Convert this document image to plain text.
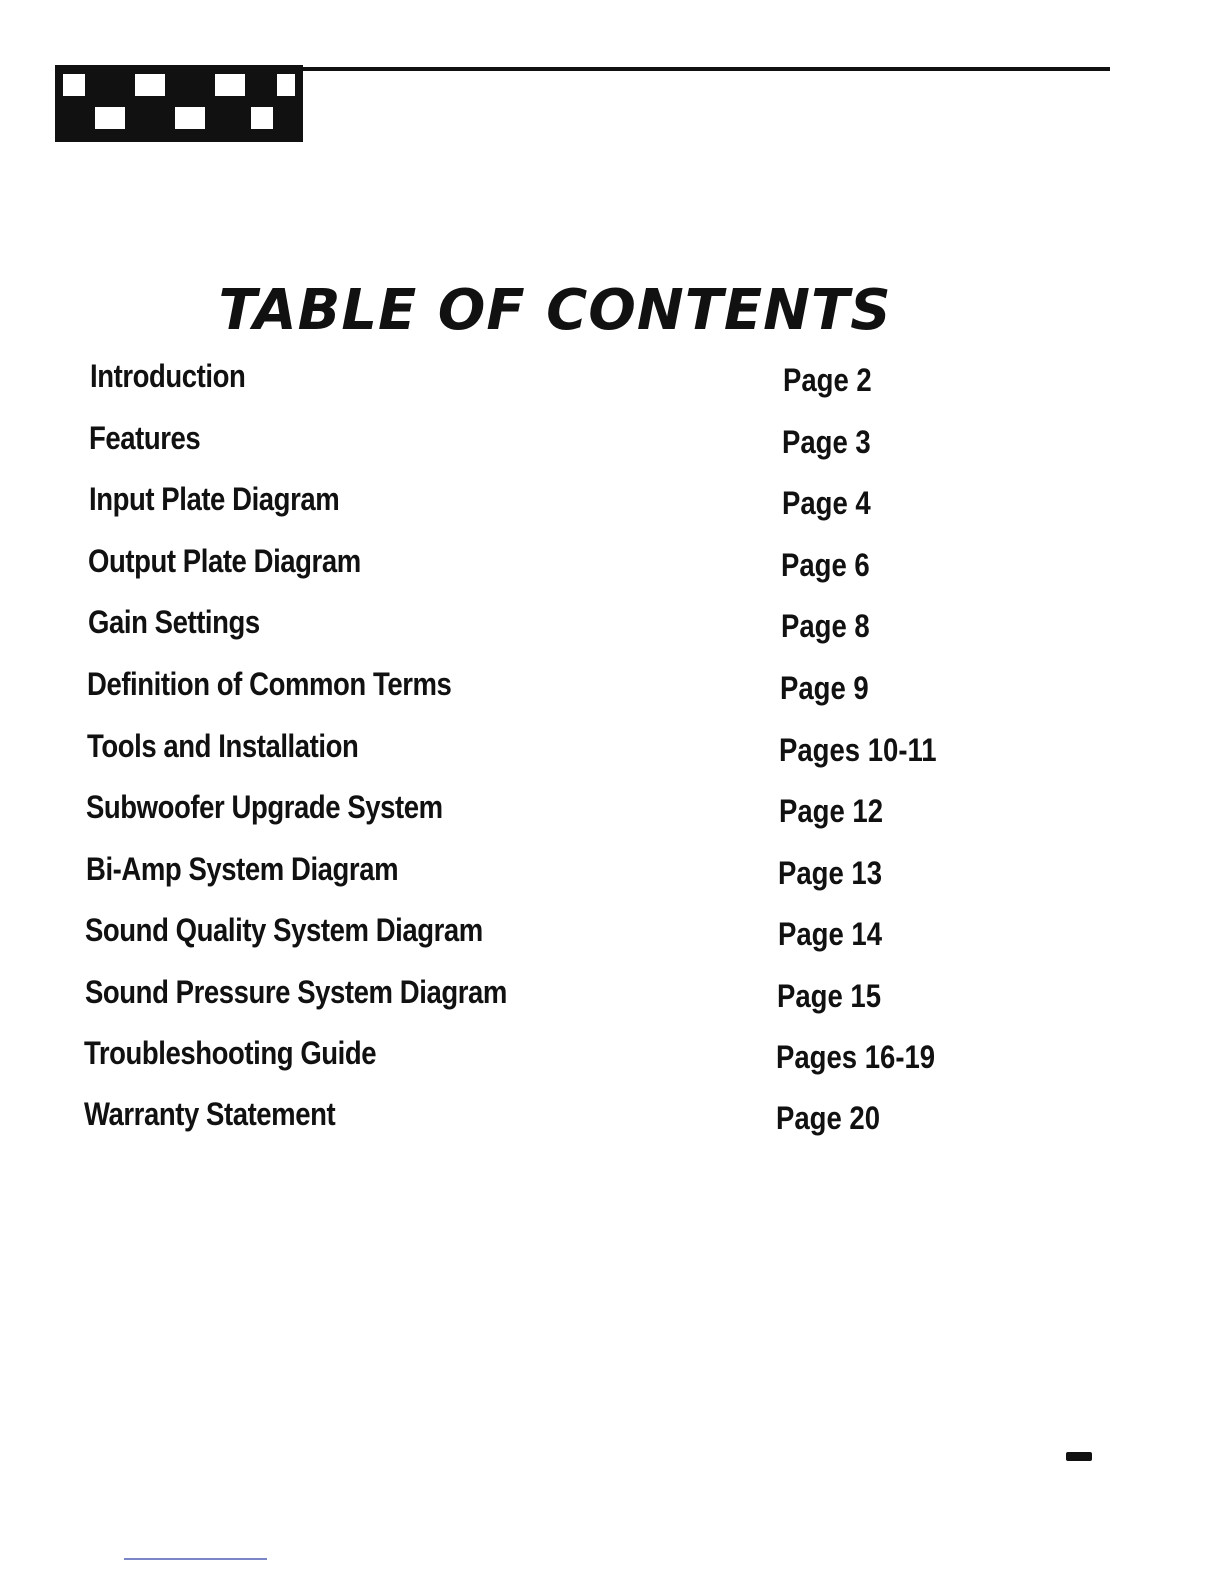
TABLE OF CONTENTS
Introduction	Page 2
Features	Page 3
Input Plate Diagram	Page 4
Output Plate Diagram	Page 6
Gain Settings	Page 8
Definition of Common Terms	Page 9
Tools and Installation	Pages 10-11
Subwoofer Upgrade System	Page 12
Bi-Amp System Diagram	Page 13
Sound Quality System Diagram	Page 14
Sound Pressure System Diagram	Page 15
Troubleshooting Guide	Pages 16-19
Warranty Statement	Page 20
